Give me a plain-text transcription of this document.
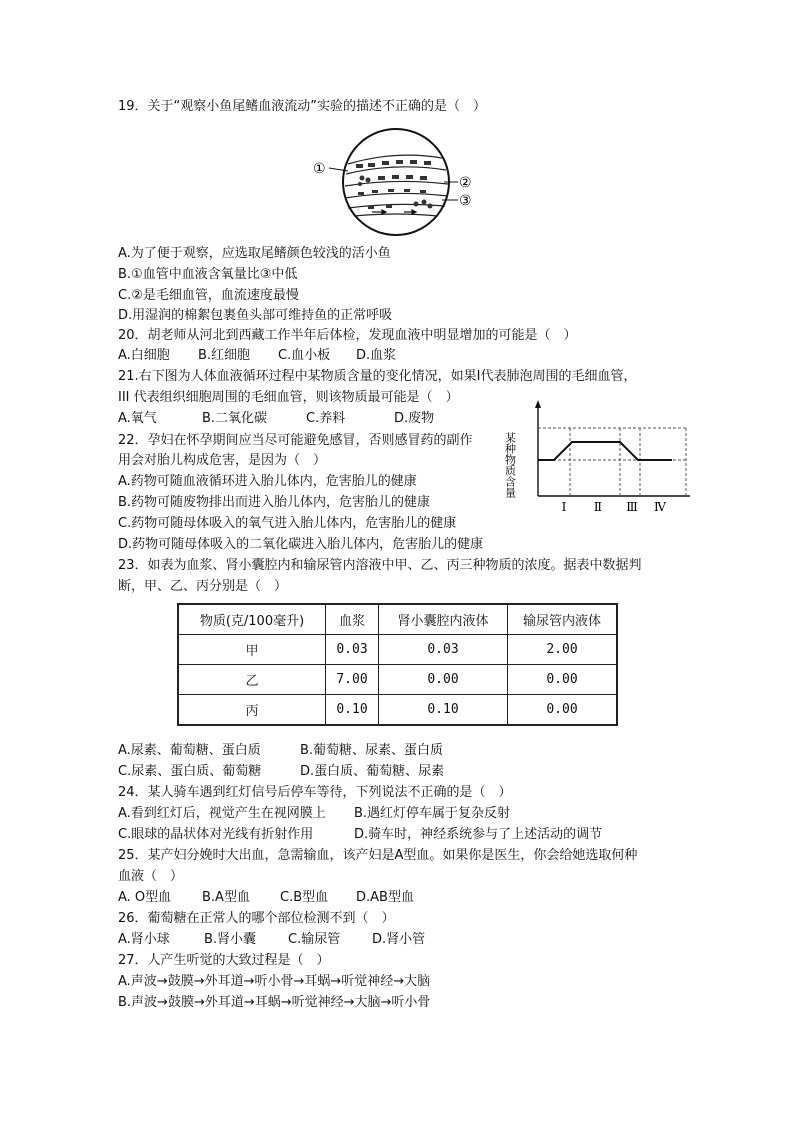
19．关于“观察小鱼尾鳍血液流动”实验的描述不正确的是（　）
①
②
③
A.为了便于观察，应选取尾鳍颜色较浅的活小鱼
B.①血管中血液含氧量比③中低
C.②是毛细血管，血流速度最慢
D.用湿润的棉絮包裹鱼头部可维持鱼的正常呼吸
20．胡老师从河北到西藏工作半年后体检，发现血液中明显增加的可能是（　）
A.白细胞 B.红细胞 C.血小板 D.血浆
21.右下图为人体血液循环过程中某物质含量的变化情况，如果Ⅰ代表肺泡周围的毛细血管，
III 代表组织细胞周围的毛细血管，则该物质最可能是（　）
A.氧气	B.二氧化碳	C.养料	D.废物
某种物质含量
Ⅰ Ⅱ Ⅲ Ⅳ
22．孕妇在怀孕期间应当尽可能避免感冒，否则感冒药的副作
用会对胎儿构成危害，是因为（　）
A.药物可随血液循环进入胎儿体内，危害胎儿的健康
B.药物可随废物排出而进入胎儿体内，危害胎儿的健康
C.药物可随母体吸入的氧气进入胎儿体内，危害胎儿的健康
D.药物可随母体吸入的二氧化碳进入胎儿体内，危害胎儿的健康
23．如表为血浆、肾小囊腔内和输尿管内溶液中甲、乙、丙三种物质的浓度。据表中数据判
断，甲、乙、丙分别是（　）
物质(克/100毫升)	血浆	肾小囊腔内液体	输尿管内液体
甲	0.03	0.03	2.00
乙	7.00	0.00	0.00
丙	0.10	0.10	0.00
A.尿素、葡萄糖、蛋白质	B.葡萄糖、尿素、蛋白质
C.尿素、蛋白质、葡萄糖	D.蛋白质、葡萄糖、尿素
24．某人骑车遇到红灯信号后停车等待，下列说法不正确的是（　）
A.看到红灯后，视觉产生在视网膜上 B.遇红灯停车属于复杂反射
C.眼球的晶状体对光线有折射作用	D.骑车时，神经系统参与了上述活动的调节
25．某产妇分娩时大出血，急需输血，该产妇是A型血。如果你是医生，你会给她选取何种
血液（　）
A. O型血 B.A型血 C.B型血 D.AB型血
26．葡萄糖在正常人的哪个部位检测不到（　）
A.肾小球	B.肾小囊 C.输尿管 D.肾小管
27．人产生听觉的大致过程是（　）
A.声波→鼓膜→外耳道→听小骨→耳蜗→听觉神经→大脑
B.声波→鼓膜→外耳道→耳蜗→听觉神经→大脑→听小骨
